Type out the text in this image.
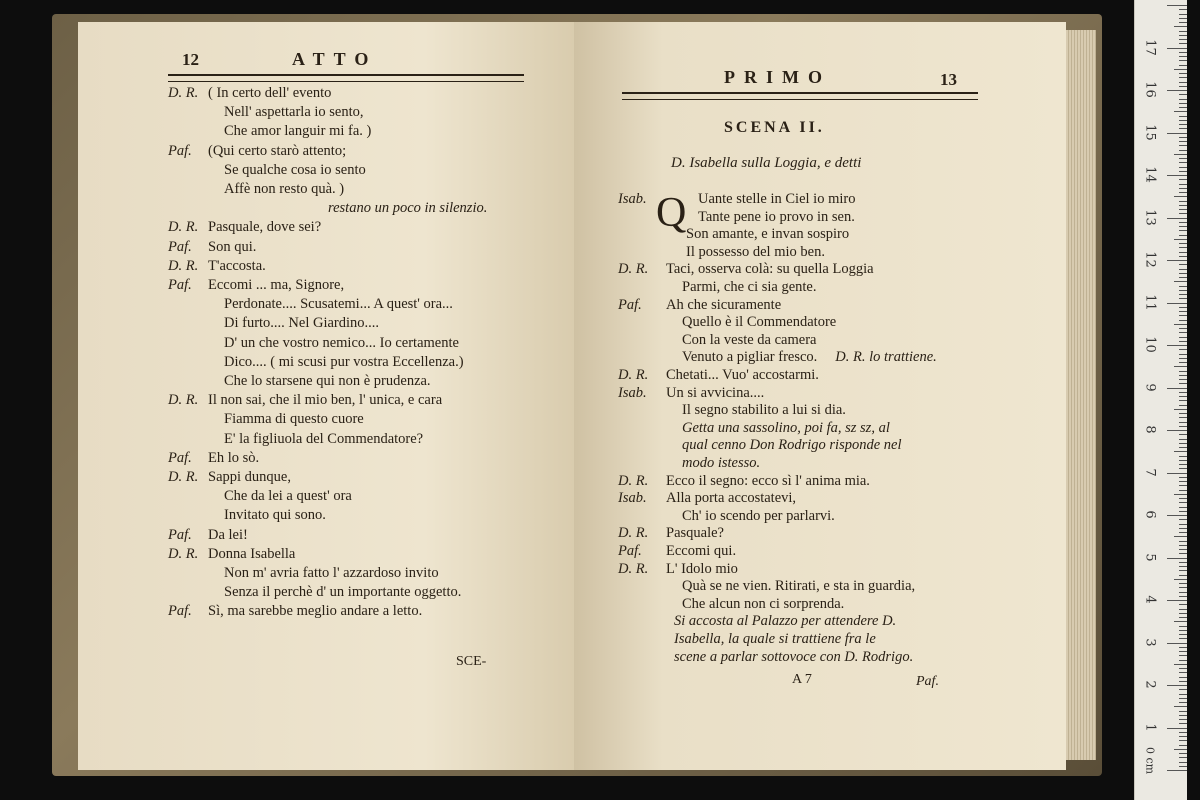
12	ATTO
D. R. ( In certo dell' evento
Nell' aspettarla io sento,
Che amor languir mi fa. )
Paf. (Qui certo starò attento;
Se qualche cosa io sento
Affè non resto quà. )
restano un poco in silenzio.
D. R. Pasquale, dove sei?
Paf. Son qui.
D. R. T'accosta.
Paf. Eccomi ... ma, Signore,
Perdonate.... Scusatemi... A quest' ora...
Di furto.... Nel Giardino....
D' un che vostro nemico... Io certamente
Dico.... ( mi scusi pur vostra Eccellenza.)
Che lo starsene qui non è prudenza.
D. R. Il non sai, che il mio ben, l' unica, e cara
Fiamma di questo cuore
E' la figliuola del Commendatore?
Paf. Eh lo sò.
D. R. Sappi dunque,
Che da lei a quest' ora
Invitato qui sono.
Paf. Da lei!
D. R. Donna Isabella
Non m' avria fatto l' azzardoso invito
Senza il perchè d' un importante oggetto.
Paf. Sì, ma sarebbe meglio andare a letto.
SCE-
PRIMO	13
SCENA II.
D. Isabella sulla Loggia, e detti
Q
Isab.	Uante stelle in Ciel io miro
Tante pene io provo in sen.
Son amante, e invan sospiro
Il possesso del mio ben.
D. R. Taci, osserva colà: su quella Loggia
Parmi, che ci sia gente.
Paf. Ah che sicuramente
Quello è il Commendatore
Con la veste da camera
Venuto a pigliar fresco. D. R. lo trattiene.
D. R. Chetati... Vuo' accostarmi.
Isab. Un si avvicina....
Il segno stabilito a lui si dia.
Getta una sassolino, poi fa, sz sz, al
qual cenno Don Rodrigo risponde nel
modo istesso.
D. R. Ecco il segno: ecco sì l' anima mia.
Isab. Alla porta accostatevi,
Ch' io scendo per parlarvi.
D. R. Pasquale?
Paf. Eccomi qui.
D. R. L' Idolo mio
Quà se ne vien. Ritirati, e sta in guardia,
Che alcun non ci sorprenda.
Si accosta al Palazzo per attendere D.
Isabella, la quale si trattiene fra le
scene a parlar sottovoce con D. Rodrigo.
A 7	Paf.
0 cm
1
2
3
4
5
6
7
8
9
10
11
12
13
14
15
16
17
